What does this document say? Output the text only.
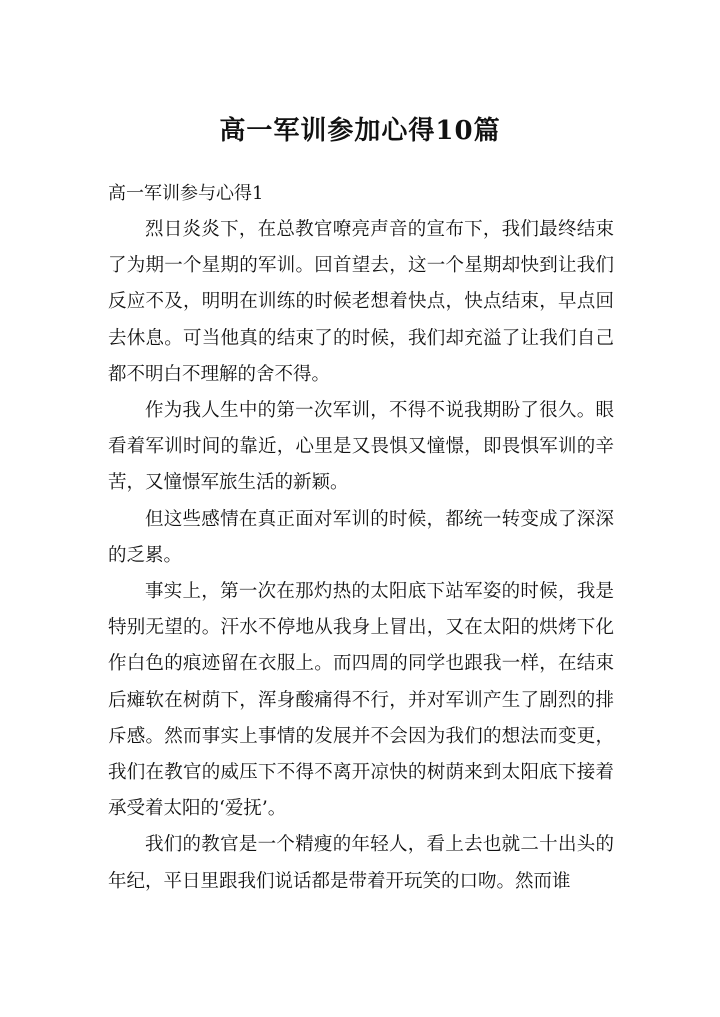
高一军训参加心得10篇

高一军训参与心得1

烈日炎炎下，在总教官嘹亮声音的宣布下，我们最终结束了为期一个星期的军训。回首望去，这一个星期却快到让我们反应不及，明明在训练的时候老想着快点，快点结束，早点回去休息。可当他真的结束了的时候，我们却充溢了让我们自己都不明白不理解的舍不得。

作为我人生中的第一次军训，不得不说我期盼了很久。眼看着军训时间的靠近，心里是又畏惧又憧憬，即畏惧军训的辛苦，又憧憬军旅生活的新颖。

但这些感情在真正面对军训的时候，都统一转变成了深深的乏累。

事实上，第一次在那灼热的太阳底下站军姿的时候，我是特别无望的。汗水不停地从我身上冒出，又在太阳的烘烤下化作白色的痕迹留在衣服上。而四周的同学也跟我一样，在结束后瘫软在树荫下，浑身酸痛得不行，并对军训产生了剧烈的排斥感。然而事实上事情的发展并不会因为我们的想法而变更，我们在教官的威压下不得不离开凉快的树荫来到太阳底下接着承受着太阳的‘爱抚’。

我们的教官是一个精瘦的年轻人，看上去也就二十出头的年纪，平日里跟我们说话都是带着开玩笑的口吻。然而谁
